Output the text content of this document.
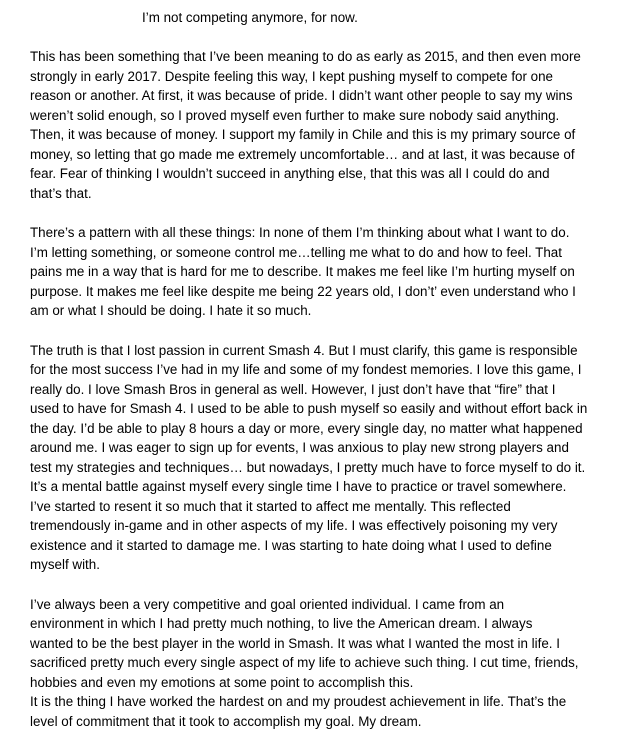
I’m not competing anymore, for now.
This has been something that I’ve been meaning to do as early as 2015, and then even more
strongly in early 2017. Despite feeling this way, I kept pushing myself to compete for one
reason or another. At first, it was because of pride. I didn’t want other people to say my wins
weren’t solid enough, so I proved myself even further to make sure nobody said anything.
Then, it was because of money. I support my family in Chile and this is my primary source of
money, so letting that go made me extremely uncomfortable… and at last, it was because of
fear. Fear of thinking I wouldn’t succeed in anything else, that this was all I could do and
that’s that.
There’s a pattern with all these things: In none of them I’m thinking about what I want to do.
I’m letting something, or someone control me…telling me what to do and how to feel. That
pains me in a way that is hard for me to describe. It makes me feel like I’m hurting myself on
purpose. It makes me feel like despite me being 22 years old, I don’t’ even understand who I
am or what I should be doing. I hate it so much.
The truth is that I lost passion in current Smash 4. But I must clarify, this game is responsible
for the most success I’ve had in my life and some of my fondest memories. I love this game, I
really do. I love Smash Bros in general as well. However, I just don’t have that “fire” that I
used to have for Smash 4. I used to be able to push myself so easily and without effort back in
the day. I’d be able to play 8 hours a day or more, every single day, no matter what happened
around me. I was eager to sign up for events, I was anxious to play new strong players and
test my strategies and techniques… but nowadays, I pretty much have to force myself to do it.
It’s a mental battle against myself every single time I have to practice or travel somewhere.
I’ve started to resent it so much that it started to affect me mentally. This reflected
tremendously in-game and in other aspects of my life. I was effectively poisoning my very
existence and it started to damage me. I was starting to hate doing what I used to define
myself with.
I’ve always been a very competitive and goal oriented individual. I came from an
environment in which I had pretty much nothing, to live the American dream. I always
wanted to be the best player in the world in Smash. It was what I wanted the most in life. I
sacrificed pretty much every single aspect of my life to achieve such thing. I cut time, friends,
hobbies and even my emotions at some point to accomplish this.
It is the thing I have worked the hardest on and my proudest achievement in life. That’s the
level of commitment that it took to accomplish my goal. My dream.
